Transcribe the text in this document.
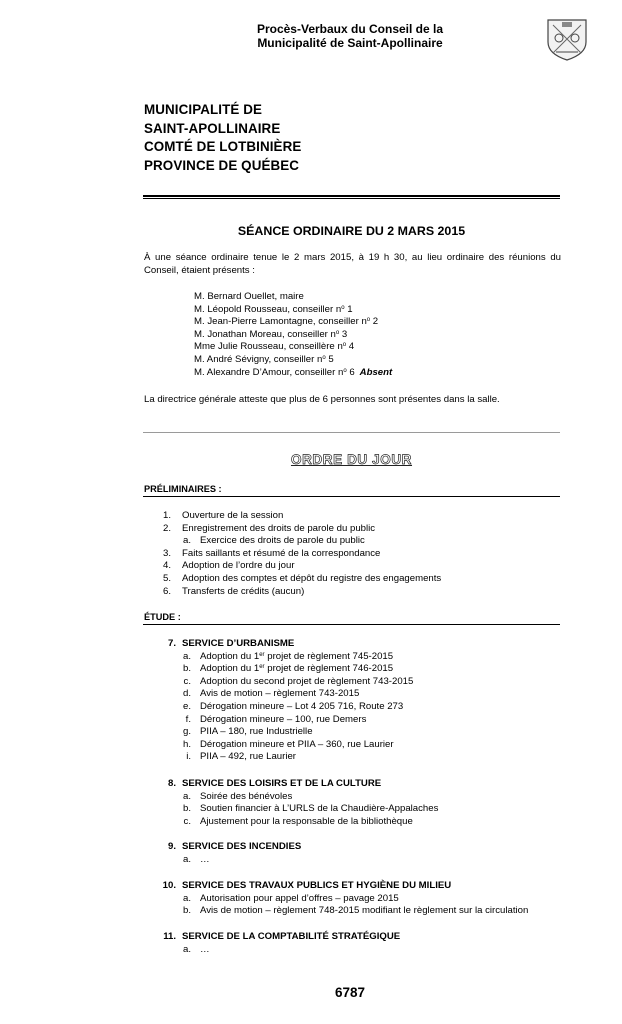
Procès-Verbaux du Conseil de la
Municipalité de Saint-Apollinaire
MUNICIPALITÉ DE
SAINT-APOLLINAIRE
COMTÉ DE LOTBINIÈRE
PROVINCE DE QUÉBEC
SÉANCE ORDINAIRE DU 2 MARS 2015
À une séance ordinaire tenue le 2 mars 2015, à 19 h 30, au lieu ordinaire des réunions du Conseil, étaient présents :
M. Bernard Ouellet, maire
M. Léopold Rousseau, conseiller $n^o$ 1
M. Jean-Pierre Lamontagne, conseiller $n^o$ 2
M. Jonathan Moreau, conseiller $n^o$ 3
Mme Julie Rousseau, conseillère $n^o$ 4
M. André Sévigny, conseiller $n^o$ 5
M. Alexandre D’Amour, conseiller $n^o$ 6 Absent
La directrice générale atteste que plus de 6 personnes sont présentes dans la salle.
ORDRE DU JOUR
PRÉLIMINAIRES :
1. Ouverture de la session
2. Enregistrement des droits de parole du public
a. Exercice des droits de parole du public
3. Faits saillants et résumé de la correspondance
4. Adoption de l’ordre du jour
5. Adoption des comptes et dépôt du registre des engagements
6. Transferts de crédits (aucun)
ÉTUDE :
7. SERVICE D’URBANISME
a. Adoption du 1er projet de règlement 745-2015
b. Adoption du 1er projet de règlement 746-2015
c. Adoption du second projet de règlement 743-2015
d. Avis de motion – règlement 743-2015
e. Dérogation mineure – Lot 4 205 716, Route 273
f. Dérogation mineure – 100, rue Demers
g. PIIA – 180, rue Industrielle
h. Dérogation mineure et PIIA – 360, rue Laurier
i. PIIA – 492, rue Laurier
8. SERVICE DES LOISIRS ET DE LA CULTURE
a. Soirée des bénévoles
b. Soutien financier à L’URLS de la Chaudière-Appalaches
c. Ajustement pour la responsable de la bibliothèque
9. SERVICE DES INCENDIES
a. …
10. SERVICE DES TRAVAUX PUBLICS ET HYGIÈNE DU MILIEU
a. Autorisation pour appel d’offres – pavage 2015
b. Avis de motion – règlement 748-2015 modifiant le règlement sur la circulation
11. SERVICE DE LA COMPTABILITÉ STRATÉGIQUE
a. …
6787
